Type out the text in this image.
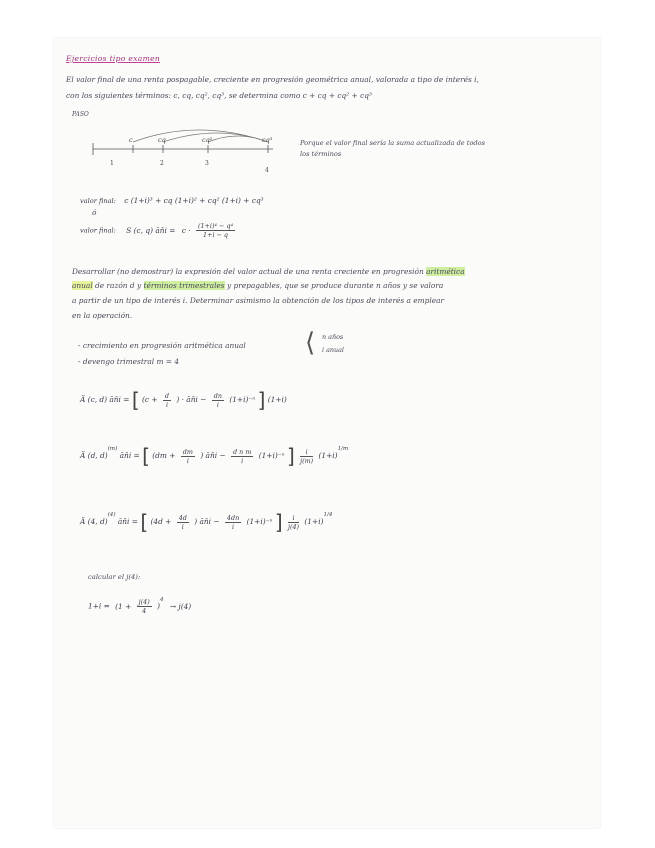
Ejercicios tipo examen
El valor final de una renta pospagable, creciente en progresión geométrica anual, valorada a tipo de interés i,
con los siguientes términos: c, cq, cq², cq³, se determina como c + cq + cq² + cq³
PASO
c	cq	cq²	cq³
1	2	3
4
Porque el valor final sería la suma actualizada de todos
los términos
valor final: c (1+i)³ + cq (1+i)² + cq² (1+i) + cq³
ó
valor final: S (c, q) ān̄i = $c \cdot \frac{\text{(1+i)⁴ − q⁴}}{1+i - q}$
Desarrollar (no demostrar) la expresión del valor actual de una renta creciente en progresión aritmética
anual de razón d y términos trimestrales y prepagables, que se produce durante n años y se valora
a partir de un tipo de interés i. Determinar asimismo la obtención de los tipos de interés a emplear
en la operación.
- crecimiento en progresión aritmética anual ⟨ n años
i anual
- devengo trimestral m = 4
Ä (c, d) ān̄i = [ ($c + \frac{d}{i}$ ) · ān̄i − $\frac{dn}{i} (1+i)^{-n}$ ] (1+i)
Ä (d, d)$^{(m)}$ ān̄i = [ ($dm + \frac{dm}{i}$ ) ān̄i − $\frac{\text{d n m}}{i} (1+i)^{-n}$ ] $\frac{i}{j(m)} (1+i)^{1/m}$
Ä (4, d)$^{(4)}$ ān̄i = [ ($4d + \frac{4d}{i}$ ) ān̄i − $\frac{4dn}{i} (1+i)^{-n}$ ] $\frac{i}{j(4)} (1+i)^{1/4}$
calcular el j(4):
$1+i = (1 + \frac{j(4)}{4} )^4 \to j(4)$
